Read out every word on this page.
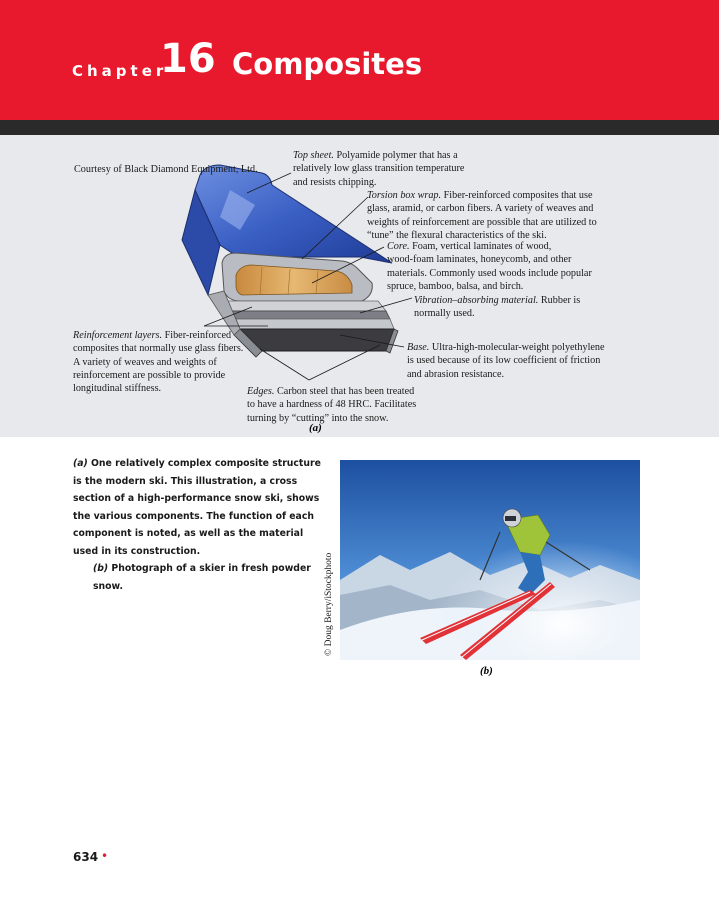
Chapter
16 Composites
Courtesy of Black Diamond Equipment, Ltd.
Top sheet. Polyamide polymer that has a
relatively low glass transition temperature
and resists chipping.
Torsion box wrap. Fiber-reinforced composites that use
glass, aramid, or carbon fibers. A variety of weaves and
weights of reinforcement are possible that are utilized to
“tune” the flexural characteristics of the ski.
Core. Foam, vertical laminates of wood,
wood-foam laminates, honeycomb, and other
materials. Commonly used woods include popular
spruce, bamboo, balsa, and birch.
Vibration–absorbing material. Rubber is
normally used.
Reinforcement layers. Fiber-reinforced
composites that normally use glass fibers.
A variety of weaves and weights of
reinforcement are possible to provide
longitudinal stiffness.
Base. Ultra-high-molecular-weight polyethylene
is used because of its low coefficient of friction
and abrasion resistance.
Edges. Carbon steel that has been treated
to have a hardness of 48 HRC. Facilitates
turning by “cutting” into the snow.
(a)
(a) One relatively complex composite structure is the modern ski. This illustration, a cross section of a high-performance snow ski, shows the various components. The function of each component is noted, as well as the material used in its construction.
(b) Photograph of a skier in fresh powder snow.	© Doug Berry/iStockphoto
(b)
634 •
